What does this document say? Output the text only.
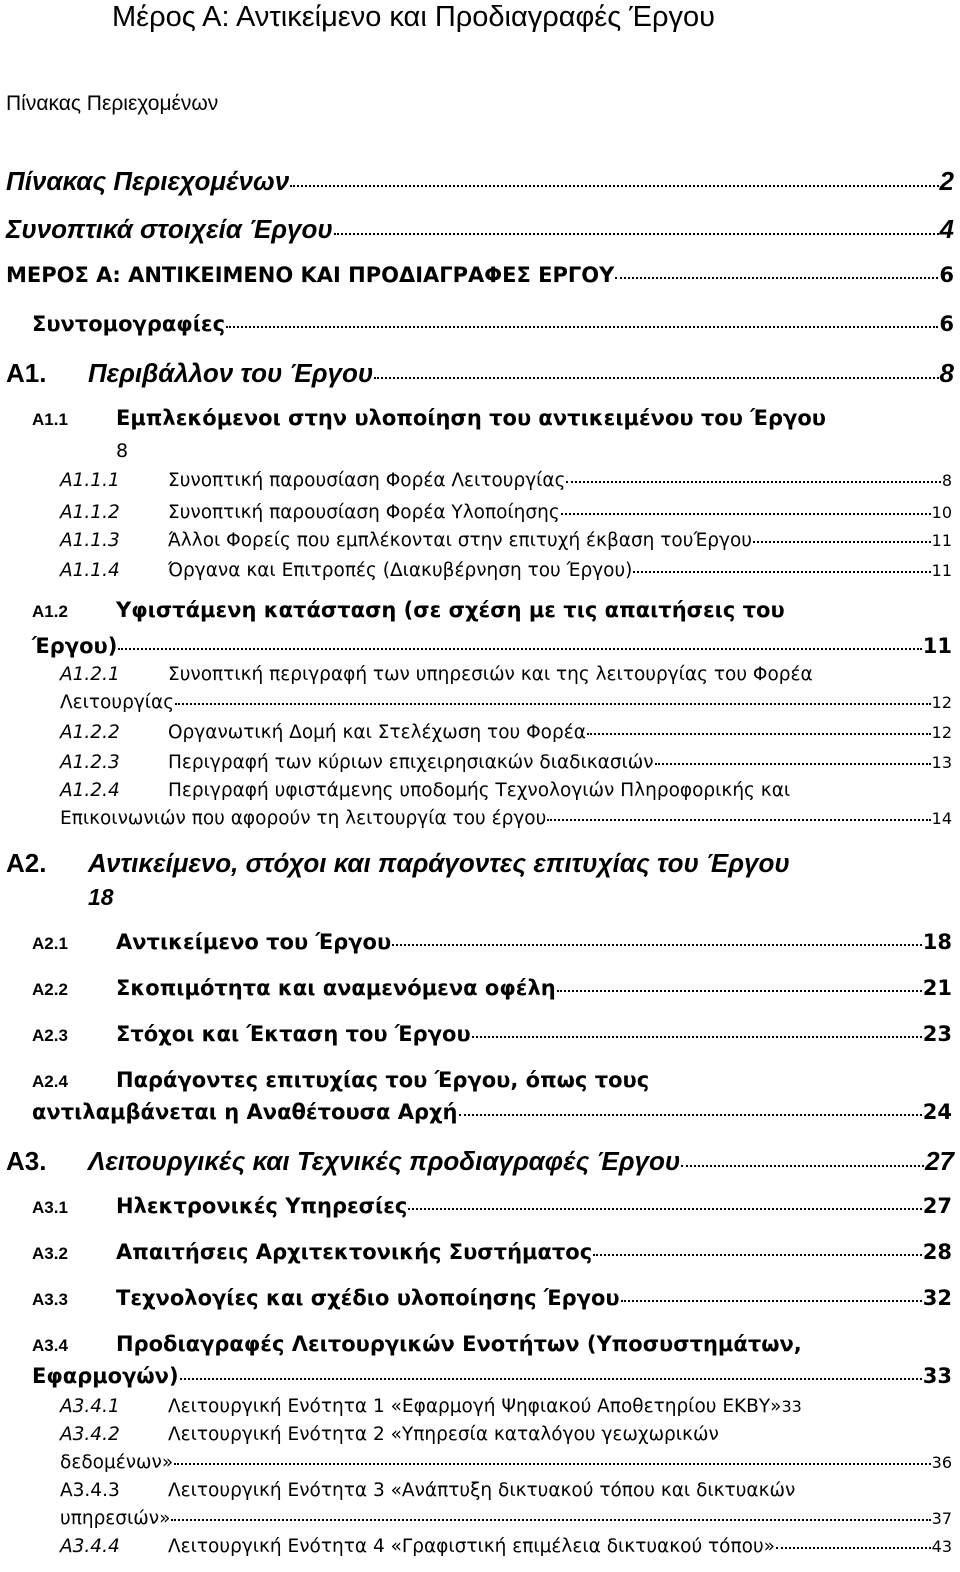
Μέρος Α: Αντικείμενο και Προδιαγραφές Έργου
Πίνακας Περιεχομένων
Πίνακας Περιεχομένων	2
Συνοπτικά στοιχεία Έργου	4
ΜΕΡΟΣ Α: ΑΝΤΙΚΕΙΜΕΝΟ ΚΑΙ ΠΡΟΔΙΑΓΡΑΦΕΣ ΕΡΓΟΥ	6
Συντομογραφίες	6
Α1.	Περιβάλλον του Έργου	8
Α1.1 Εμπλεκόμενοι στην υλοποίηση του αντικειμένου του Έργου
8
Α1.1.1	Συνοπτική παρουσίαση Φορέα Λειτουργίας	8
Α1.1.2	Συνοπτική παρουσίαση Φορέα Υλοποίησης	10
Α1.1.3	Άλλοι Φορείς που εμπλέκονται στην επιτυχή έκβαση τουΈργου	11
Α1.1.4	Όργανα και Επιτροπές (Διακυβέρνηση του Έργου)	11
Α1.2 Υφιστάμενη κατάσταση (σε σχέση με τις απαιτήσεις του
Έργου)	11
Α1.2.1	Συνοπτική περιγραφή των υπηρεσιών και της λειτουργίας του Φορέα
Λειτουργίας	12
Α1.2.2	Οργανωτική Δομή και Στελέχωση του Φορέα	12
Α1.2.3	Περιγραφή των κύριων επιχειρησιακών διαδικασιών	13
Α1.2.4	Περιγραφή υφιστάμενης υποδομής Τεχνολογιών Πληροφορικής και
Επικοινωνιών που αφορούν τη λειτουργία του έργου	14
Α2. Αντικείμενο, στόχοι και παράγοντες επιτυχίας του Έργου
18
Α2.1	Αντικείμενο του Έργου	18
Α2.2	Σκοπιμότητα και αναμενόμενα οφέλη	21
Α2.3	Στόχοι και Έκταση του Έργου	23
Α2.4 Παράγοντες επιτυχίας του Έργου, όπως τους
αντιλαμβάνεται η Αναθέτουσα Αρχή	24
Α3.	Λειτουργικές και Τεχνικές προδιαγραφές Έργου	27
Α3.1	Ηλεκτρονικές Υπηρεσίες	27
Α3.2	Απαιτήσεις Αρχιτεκτονικής Συστήματος	28
Α3.3	Τεχνολογίες και σχέδιο υλοποίησης Έργου	32
Α3.4 Προδιαγραφές Λειτουργικών Ενοτήτων (Υποσυστημάτων,
Εφαρμογών)	33
Α3.4.1	Λειτουργική Ενότητα 1 «Εφαρμογή Ψηφιακού Αποθετηρίου ΕΚΒΥ» 33
Α3.4.2	Λειτουργική Ενότητα 2 «Υπηρεσία καταλόγου γεωχωρικών
δεδομένων»	36
Α3.4.3	Λειτουργική Ενότητα 3 «Ανάπτυξη δικτυακού τόπου και δικτυακών
υπηρεσιών»	37
Α3.4.4	Λειτουργική Ενότητα 4 «Γραφιστική επιμέλεια δικτυακού τόπου»	43
